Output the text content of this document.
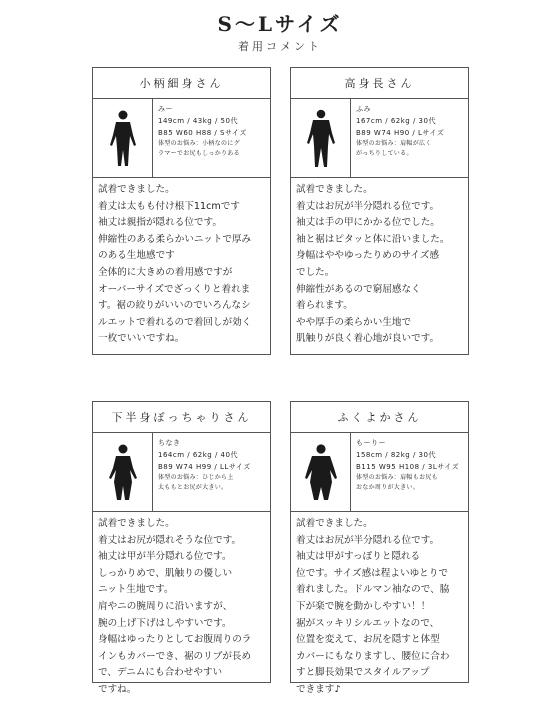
S～Lサイズ
着用コメント
小柄細身さん
みー
149cm / 43kg / 50代
B85 W60 H88 / Sサイズ
体型のお悩み：小柄なのにグ
ラマーでお尻もしっかりある
試着できました。
着丈は太もも付け根下11cmです
袖丈は親指が隠れる位です。
伸縮性のある柔らかいニットで厚み
のある生地感です
全体的に大きめの着用感ですが
オーバーサイズでざっくりと着れま
す。裾の絞りがいいのでいろんなシ
ルエットで着れるので着回しが効く
一枚でいいですね。
高身長さん
ふみ
167cm / 62kg / 30代
B89 W74 H90 / Lサイズ
体型のお悩み：肩幅が広く
がっちりしている。
試着できました。
着丈はお尻が半分隠れる位です。
袖丈は手の甲にかかる位でした。
袖と裾はピタッと体に沿いました。
身幅はややゆったりめのサイズ感
でした。
伸縮性があるので窮屈感なく
着られます。
やや厚手の柔らかい生地で
肌触りが良く着心地が良いです。
下半身ぽっちゃりさん
ちなき
164cm / 62kg / 40代
B89 W74 H99 / LLサイズ
体型のお悩み：ひじから上
太ももとお尻が大きい。
試着できました。
着丈はお尻が隠れそうな位です。
袖丈は甲が半分隠れる位です。
しっかりめで、肌触りの優しい
ニット生地です。
肩やニの腕周りに沿いますが、
腕の上げ下げはしやすいです。
身幅はゆったりとしてお腹周りのラ
インもカバーでき、裾のリブが長め
で、デニムにも合わせやすい
ですね。
ふくよかさん
もーりー
158cm / 82kg / 30代
B115 W95 H108 / 3Lサイズ
体型のお悩み：肩幅もお尻も
おなか周りが大きい。
試着できました。
着丈はお尻が半分隠れる位です。
袖丈は甲がすっぽりと隠れる
位です。サイズ感は程よいゆとりで
着れました。ドルマン袖なので、脇
下が楽で腕を動かしやすい！！
裾がスッキリシルエットなので、
位置を変えて、お尻を隠すと体型
カバーにもなりますし、腰位に合わ
すと脚長効果でスタイルアップ
できます♪
